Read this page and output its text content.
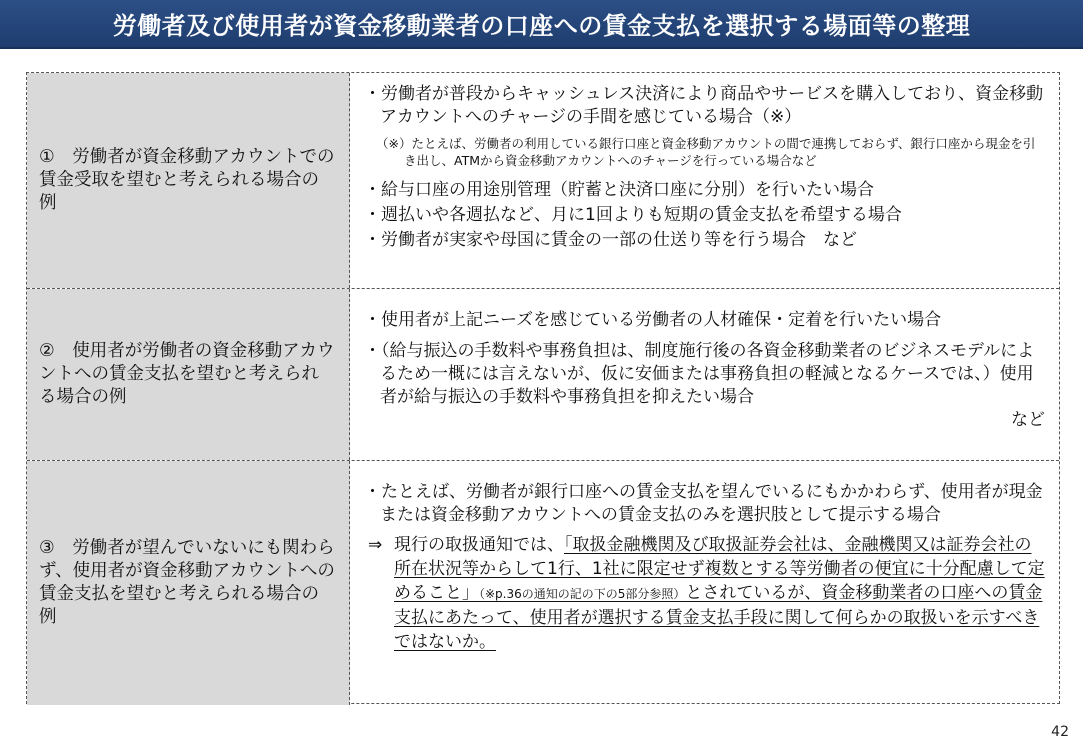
労働者及び使用者が資金移動業者の口座への賃金支払を選択する場面等の整理
①　労働者が資金移動アカウントでの賃金受取を望むと考えられる場合の例
・労働者が普段からキャッシュレス決済により商品やサービスを購入しており、資金移動アカウントへのチャージの手間を感じている場合（※）
（※）たとえば、労働者の利用している銀行口座と資金移動アカウントの間で連携しておらず、銀行口座から現金を引き出し、ATMから資金移動アカウントへのチャージを行っている場合など
・給与口座の用途別管理（貯蓄と決済口座に分別）を行いたい場合
・週払いや各週払など、月に1回よりも短期の賃金支払を希望する場合
・労働者が実家や母国に賃金の一部の仕送り等を行う場合　など
②　使用者が労働者の資金移動アカウントへの賃金支払を望むと考えられる場合の例
・使用者が上記ニーズを感じている労働者の人材確保・定着を行いたい場合
・（給与振込の手数料や事務負担は、制度施行後の各資金移動業者のビジネスモデルによるため一概には言えないが、仮に安価または事務負担の軽減となるケースでは、）使用者が給与振込の手数料や事務負担を抑えたい場合
など
③　労働者が望んでいないにも関わらず、使用者が資金移動アカウントへの賃金支払を望むと考えられる場合の例
・たとえば、労働者が銀行口座への賃金支払を望んでいるにもかかわらず、使用者が現金または資金移動アカウントへの賃金支払のみを選択肢として提示する場合
⇒ 現行の取扱通知では、「取扱金融機関及び取扱証券会社は、金融機関又は証券会社の所在状況等からして1行、1社に限定せず複数とする等労働者の便宜に十分配慮して定めること」（※p.36の通知の記の下の5部分参照）とされているが、資金移動業者の口座への賃金支払にあたって、使用者が選択する賃金支払手段に関して何らかの取扱いを示すべきではないか。
42
